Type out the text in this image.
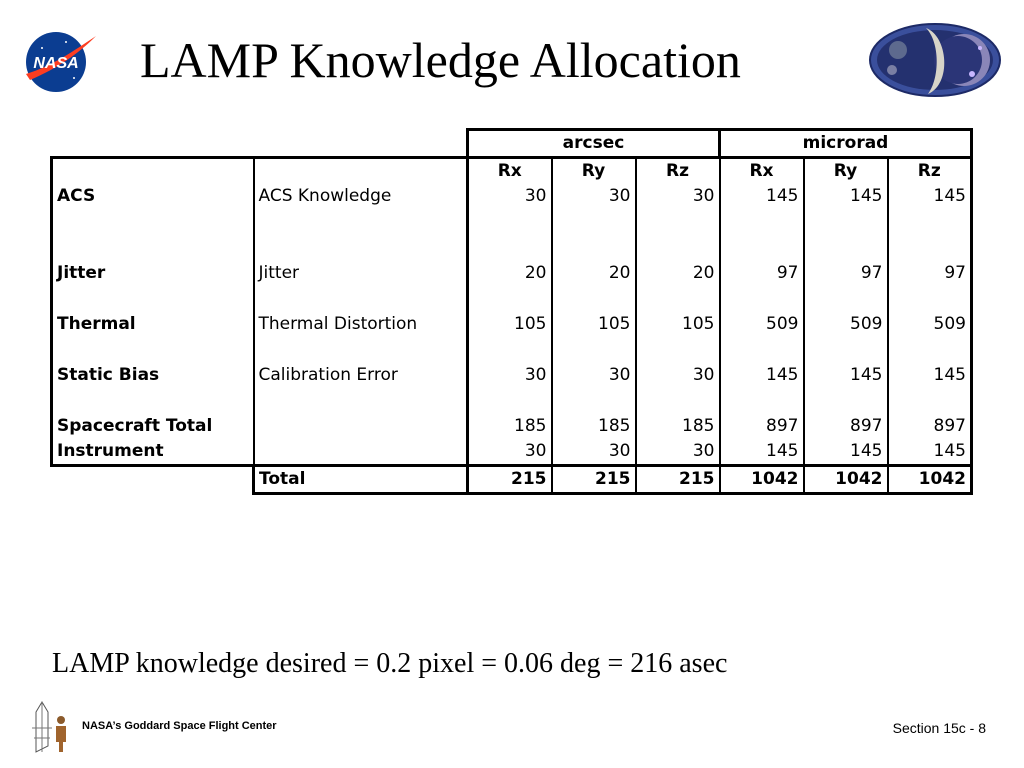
NASA LAMP Knowledge Allocation
		arcsec			microrad		
		Rx	Ry	Rz	Rx	Ry	Rz
ACS	ACS Knowledge	30	30	30	145	145	145

Jitter	Jitter	20	20	20	97	97	97

Thermal	Thermal Distortion	105	105	105	509	509	509

Static Bias	Calibration Error	30	30	30	145	145	145

Spacecraft Total		185	185	185	897	897	897
Instrument		30	30	30	145	145	145
	Total	215	215	215	1042	1042	1042
LAMP knowledge desired = 0.2 pixel = 0.06 deg = 216 asec
NASA’s Goddard Space Flight Center	Section 15c - 8
